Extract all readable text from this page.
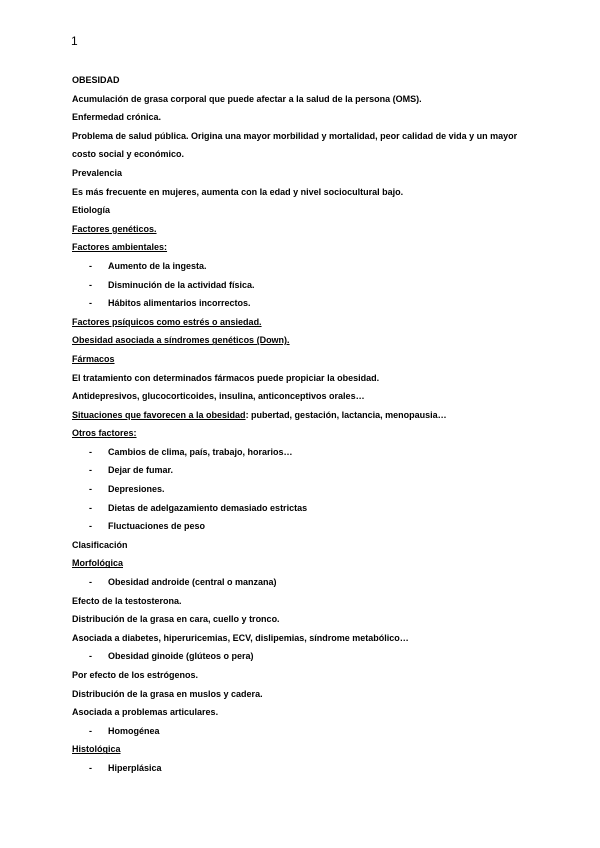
1
OBESIDAD
Acumulación de grasa corporal que puede afectar a la salud de la persona (OMS).
Enfermedad crónica.
Problema de salud pública. Origina una mayor morbilidad y mortalidad, peor calidad de vida y un mayor costo social y económico.
Prevalencia
Es más frecuente en mujeres, aumenta con la edad y nivel sociocultural bajo.
Etiología
Factores genéticos.
Factores ambientales:
-	Aumento de la ingesta.
-	Disminución de la actividad física.
-	Hábitos alimentarios incorrectos.
Factores psíquicos como estrés o ansiedad.
Obesidad asociada a síndromes genéticos (Down).
Fármacos
El tratamiento con determinados fármacos puede propiciar la obesidad.
Antidepresivos, glucocorticoides, insulina, anticonceptivos orales…
Situaciones que favorecen a la obesidad: pubertad, gestación, lactancia, menopausia…
Otros factores:
-	Cambios de clima, país, trabajo, horarios…
-	Dejar de fumar.
-	Depresiones.
-	Dietas de adelgazamiento demasiado estrictas
-	Fluctuaciones de peso
Clasificación
Morfológica
-	Obesidad androide (central o manzana)
Efecto de la testosterona.
Distribución de la grasa en cara, cuello y tronco.
Asociada a diabetes, hiperuricemias, ECV, dislipemias, síndrome metabólico…
-	Obesidad ginoide (glúteos o pera)
Por efecto de los estrógenos.
Distribución de la grasa en muslos y cadera.
Asociada a problemas articulares.
-	Homogénea
Histológica
-	Hiperplásica
